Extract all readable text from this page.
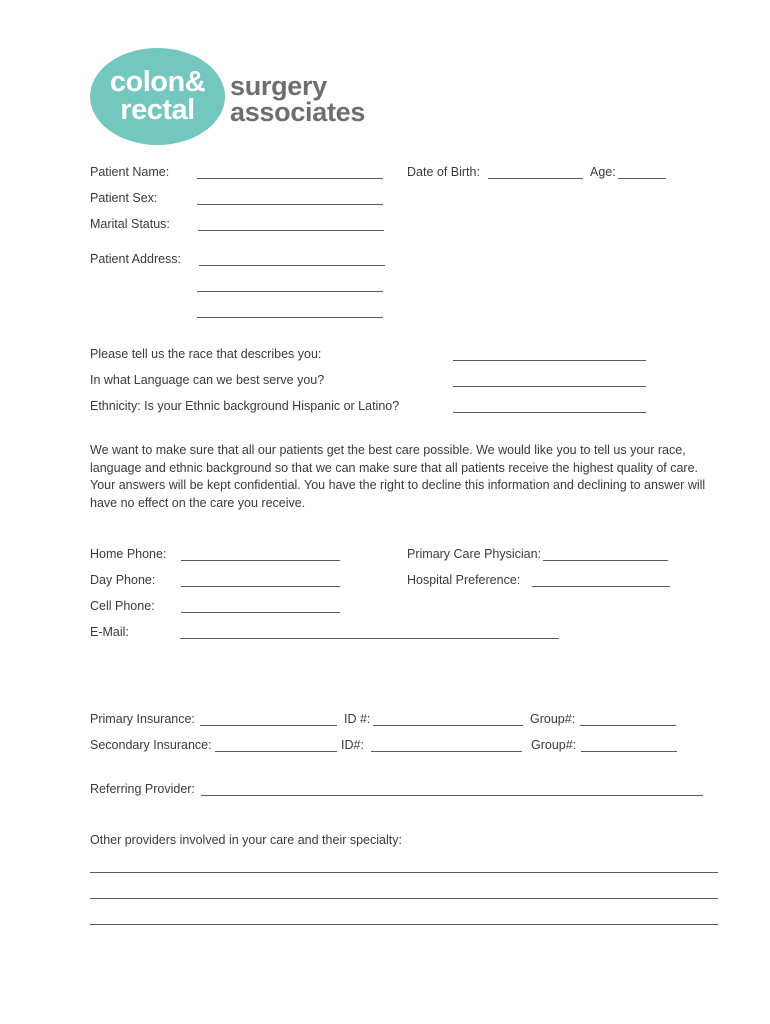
colon&
rectal
surgery
associates
Patient Name:	Date of Birth:	Age:
Patient Sex:
Marital Status:
Patient Address:
Please tell us the race that describes you:
In what Language can we best serve you?
Ethnicity: Is your Ethnic background Hispanic or Latino?
We want to make sure that all our patients get the best care possible. We would like you to tell us your race, language and ethnic background so that we can make sure that all patients receive the highest quality of care. Your answers will be kept confidential. You have the right to decline this information and declining to answer will have no effect on the care you receive.
Home Phone:	Primary Care Physician:
Day Phone:	Hospital Preference:
Cell Phone:
E-Mail:
Primary Insurance:	ID #:	Group#:
Secondary Insurance:	ID#:	Group#:
Referring Provider:
Other providers involved in your care and their specialty:
